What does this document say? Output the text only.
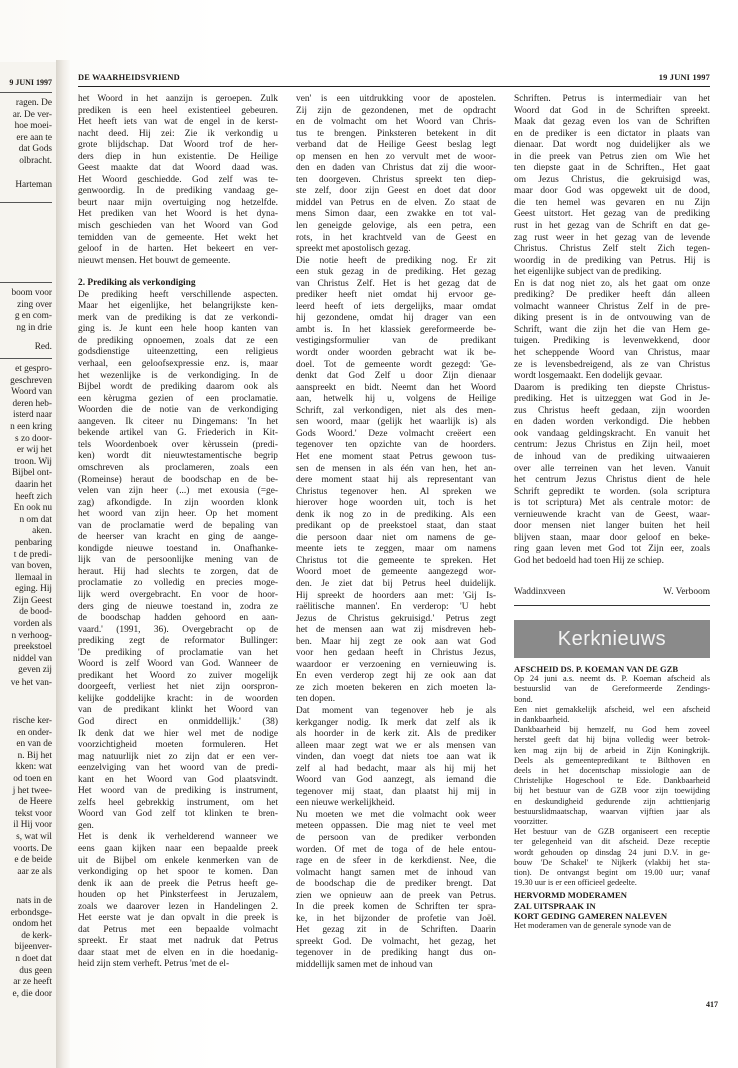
9 JUNI 1997
ragen. De
ar. De ver-
hoe moei-
ere aan te
dat Gods
olbracht.
Harteman
boom voor
zing over
g en com-
ng in drie
Red.
et gespro-
geschreven
Woord van
deren heb-
isterd naar
n een kring
s zo door-
er wij het
troon. Wij
Bijbel ont-
daarin het
heeft zich
En ook nu
n om dat
aken.
penbaring
t de predi-
van boven,
llemaal in
eging. Hij
Zijn Geest
de bood-
vorden als
n verhoog-
preekstoel
niddel van
geven zij
ve het van-
rische ker-
en onder-
en van de
n. Bij het
kken: wat
od toen en
j het twee-
de Heere
tekst voor
il Hij voor
s, wat wil
voorts. De
e de beide
aar ze als
nats in de
erbondsge-
ondom het
de kerk-
bijeenver-
n doet dat
dus geen
ar ze heeft
e, die door
DE WAARHEIDSVRIEND	19 JUNI 1997

het Woord in het aanzijn is geroepen. Zulk
prediken is een heel existentieel gebeuren.
Het heeft iets van wat de engel in de kerst-
nacht deed. Hij zei: Zie ik verkondig u
grote blijdschap. Dat Woord trof de her-
ders diep in hun existentie. De Heilige
Geest maakte dat dat Woord daad was.
Het Woord geschiedde. God zelf was te-
genwoordig. In de prediking vandaag ge-
beurt naar mijn overtuiging nog hetzelfde.
Het prediken van het Woord is het dyna-
misch geschieden van het Woord van God
temidden van de gemeente. Het wekt het
geloof in de harten. Het bekeert en ver-
nieuwt mensen. Het bouwt de gemeente.

2. Prediking als verkondiging

De prediking heeft verschillende aspecten.
Maar het eigenlijke, het belangrijkste ken-
merk van de prediking is dat ze verkondi-
ging is. Je kunt een hele hoop kanten van
de prediking opnoemen, zoals dat ze een
godsdienstige uiteenzetting, een religieus
verhaal, een geloofsexpressie enz. is, maar
het wezenlijke is de verkondiging. In de
Bijbel wordt de prediking daarom ook als
een kèrugma gezien of een proclamatie.
Woorden die de notie van de verkondiging
aangeven. Ik citeer nu Dingemans: 'In het
bekende artikel van G. Friederich in Kit-
tels Woordenboek over kèrussein (predi-
ken) wordt dit nieuwtestamentische begrip
omschreven als proclameren, zoals een
(Romeinse) heraut de boodschap en de be-
velen van zijn heer (...) met exousia (=ge-
zag) afkondigde. In zijn woorden klonk
het woord van zijn heer. Op het moment
van de proclamatie werd de bepaling van
de heerser van kracht en ging de aange-
kondigde nieuwe toestand in. Onafhanke-
lijk van de persoonlijke mening van de
heraut. Hij had slechts te zorgen, dat de
proclamatie zo volledig en precies moge-
lijk werd overgebracht. En voor de hoor-
ders ging de nieuwe toestand in, zodra ze
de boodschap hadden gehoord en aan-
vaard.' (1991, 36). Overgebracht op de
prediking zegt de reformator Bullinger:
'De prediking of proclamatie van het
Woord is zelf Woord van God. Wanneer de
predikant het Woord zo zuiver mogelijk
doorgeeft, verliest het niet zijn oorspron-
kelijke goddelijke kracht: in de woorden
van de predikant klinkt het Woord van
God direct en onmiddellijk.' (38)
Ik denk dat we hier wel met de nodige
voorzichtigheid moeten formuleren. Het
mag natuurlijk niet zo zijn dat er een ver-
eenzelviging van het woord van de predi-
kant en het Woord van God plaatsvindt.
Het woord van de prediking is instrument,
zelfs heel gebrekkig instrument, om het
Woord van God zelf tot klinken te bren-
gen.

Het is denk ik verhelderend wanneer we
eens gaan kijken naar een bepaalde preek
uit de Bijbel om enkele kenmerken van de
verkondiging op het spoor te komen. Dan
denk ik aan de preek die Petrus heeft ge-
houden op het Pinksterfeest in Jeruzalem,
zoals we daarover lezen in Handelingen 2.
Het eerste wat je dan opvalt in die preek is
dat Petrus met een bepaalde volmacht
spreekt. Er staat met nadruk dat Petrus
daar staat met de elven en in die hoedanig-
heid zijn stem verheft. Petrus 'met de el-

ven' is een uitdrukking voor de apostelen.
Zij zijn de gezondenen, met de opdracht
en de volmacht om het Woord van Chris-
tus te brengen. Pinksteren betekent in dit
verband dat de Heilige Geest beslag legt
op mensen en hen zo vervult met de woor-
den en daden van Christus dat zij die woor-
ten doorgeven. Christus spreekt ten diep-
ste zelf, door zijn Geest en doet dat door
middel van Petrus en de elven. Zo staat de
mens Simon daar, een zwakke en tot val-
len geneigde gelovige, als een petra, een
rots, in het krachtveld van de Geest en
spreekt met apostolisch gezag.

Die notie heeft de prediking nog. Er zit
een stuk gezag in de prediking. Het gezag
van Christus Zelf. Het is het gezag dat de
prediker heeft niet omdat hij ervoor ge-
leerd heeft of iets dergelijks, maar omdat
hij gezondene, omdat hij drager van een
ambt is. In het klassiek gereformeerde be-
vestigingsformulier van de predikant
wordt onder woorden gebracht wat ik be-
doel. Tot de gemeente wordt gezegd: 'Ge-
denkt dat God Zelf u door Zijn dienaar
aanspreekt en bidt. Neemt dan het Woord
aan, hetwelk hij u, volgens de Heilige
Schrift, zal verkondigen, niet als des men-
sen woord, maar (gelijk het waarlijk is) als
Gods Woord.' Deze volmacht creëert een
tegenover ten opzichte van de hoorders.
Het ene moment staat Petrus gewoon tus-
sen de mensen in als één van hen, het an-
dere moment staat hij als representant van
Christus tegenover hen. Al spreken we
hierover hoge woorden uit, toch is het
denk ik nog zo in de prediking. Als een
predikant op de preekstoel staat, dan staat
die persoon daar niet om namens de ge-
meente iets te zeggen, maar om namens
Christus tot die gemeente te spreken. Het
Woord moet de gemeente aangezegd wor-
den. Je ziet dat bij Petrus heel duidelijk.
Hij spreekt de hoorders aan met: 'Gij Is-
raëlitische mannen'. En verderop: 'U hebt
Jezus de Christus gekruisigd.' Petrus zegt
het de mensen aan wat zij misdreven heb-
ben. Maar hij zegt ze ook aan wat God
voor hen gedaan heeft in Christus Jezus,
waardoor er verzoening en vernieuwing is.
En even verderop zegt hij ze ook aan dat
ze zich moeten bekeren en zich moeten la-
ten dopen.

Dat moment van tegenover heb je als
kerkganger nodig. Ik merk dat zelf als ik
als hoorder in de kerk zit. Als de prediker
alleen maar zegt wat we er als mensen van
vinden, dan voegt dat niets toe aan wat ik
zelf al had bedacht, maar als hij mij het
Woord van God aanzegt, als iemand die
tegenover mij staat, dan plaatst hij mij in
een nieuwe werkelijkheid.

Nu moeten we met die volmacht ook weer
meteen oppassen. Die mag niet te veel met
de persoon van de prediker verbonden
worden. Of met de toga of de hele entou-
rage en de sfeer in de kerkdienst. Nee, die
volmacht hangt samen met de inhoud van
de boodschap die de prediker brengt. Dat
zien we opnieuw aan de preek van Petrus.
In die preek komen de Schriften ter spra-
ke, in het bijzonder de profetie van Joël.
Het gezag zit in de Schriften. Daarin
spreekt God. De volmacht, het gezag, het
tegenover in de prediking hangt dus on-
middellijk samen met de inhoud van

Schriften. Petrus is intermediair van het
Woord dat God in de Schriften spreekt.
Maak dat gezag even los van de Schriften
en de prediker is een dictator in plaats van
dienaar. Dat wordt nog duidelijker als we
in die preek van Petrus zien om Wie het
ten diepste gaat in de Schriften., Het gaat
om Jezus Christus, die gekruisigd was,
maar door God was opgewekt uit de dood,
die ten hemel was gevaren en nu Zijn
Geest uitstort. Het gezag van de prediking
rust in het gezag van de Schrift en dat ge-
zag rust weer in het gezag van de levende
Christus. Christus Zelf stelt Zich tegen-
woordig in de prediking van Petrus. Hij is
het eigenlijke subject van de prediking.

En is dat nog niet zo, als het gaat om onze
prediking? De prediker heeft dán alleen
volmacht wanneer Christus Zelf in de pre-
diking present is in de ontvouwing van de
Schrift, want die zijn het die van Hem ge-
tuigen. Prediking is levenwekkend, door
het scheppende Woord van Christus, maar
ze is levensbedreigend, als ze van Christus
wordt losgemaakt. Een dodelijk gevaar.

Daarom is prediking ten diepste Christus-
prediking. Het is uitzeggen wat God in Je-
zus Christus heeft gedaan, zijn woorden
en daden worden verkondigd. Die hebben
ook vandaag geldingskracht. En vanuit het
centrum: Jezus Christus en Zijn heil, moet
de inhoud van de prediking uitwaaieren
over alle terreinen van het leven. Vanuit
het centrum Jezus Christus dient de hele
Schrift gepredikt te worden. (sola scriptura
is tot scriptura) Met als centrale motor: de
vernieuwende kracht van de Geest, waar-
door mensen niet langer buiten het heil
blijven staan, maar door geloof en beke-
ring gaan leven met God tot Zijn eer, zoals
God het bedoeld had toen Hij ze schiep.

Waddinxveen	W. Verboom

Kerknieuws
AFSCHEID DS. P. KOEMAN VAN DE GZB
Op 24 juni a.s. neemt ds. P. Koeman afscheid als
bestuurslid van de Gereformeerde Zendings-
bond.
Een niet gemakkelijk afscheid, wel een afscheid
in dankbaarheid.
Dankbaarheid bij hemzelf, nu God hem zoveel
herstel geeft dat hij bijna volledig weer betrok-
ken mag zijn bij de arbeid in Zijn Koningkrijk.
Deels als gemeentepredikant te Bilthoven en
deels in het docentschap missiologie aan de
Christelijke Hogeschool te Ede. Dankbaarheid
bij het bestuur van de GZB voor zijn toewijding
en deskundigheid gedurende zijn achttienjarig
bestuurslidmaatschap, waarvan vijftien jaar als
voorzitter.
Het bestuur van de GZB organiseert een receptie
ter gelegenheid van dit afscheid. Deze receptie
wordt gehouden op dinsdag 24 juni D.V. in ge-
bouw 'De Schakel' te Nijkerk (vlakbij het sta-
tion). De ontvangst begint om 19.00 uur; vanaf
19.30 uur is er een officieel gedeelte.
HERVORMD MODERAMEN
ZAL UITSPRAAK IN
KORT GEDING GAMEREN NALEVEN
Het moderamen van de generale synode van de
417
